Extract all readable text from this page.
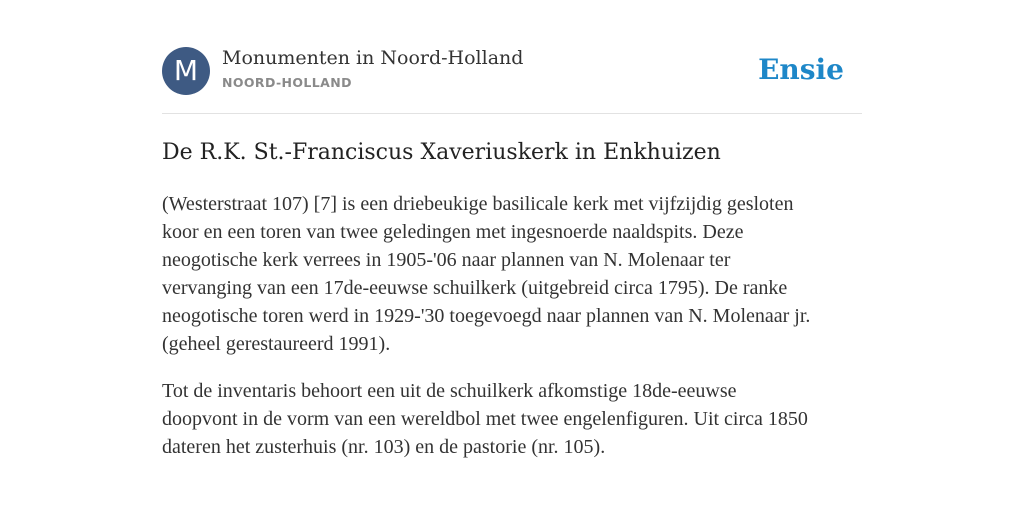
M	Monumenten in Noord-Holland
NOORD-HOLLAND	Ensie
De R.K. St.-Franciscus Xaveriuskerk in Enkhuizen

(Westerstraat 107) [7] is een driebeukige basilicale kerk met vijfzijdig gesloten
koor en een toren van twee geledingen met ingesnoerde naaldspits. Deze
neogotische kerk verrees in 1905-'06 naar plannen van N. Molenaar ter
vervanging van een 17de-eeuwse schuilkerk (uitgebreid circa 1795). De ranke
neogotische toren werd in 1929-'30 toegevoegd naar plannen van N. Molenaar jr.
(geheel gerestaureerd 1991).

Tot de inventaris behoort een uit de schuilkerk afkomstige 18de-eeuwse
doopvont in de vorm van een wereldbol met twee engelenfiguren. Uit circa 1850
dateren het zusterhuis (nr. 103) en de pastorie (nr. 105).
